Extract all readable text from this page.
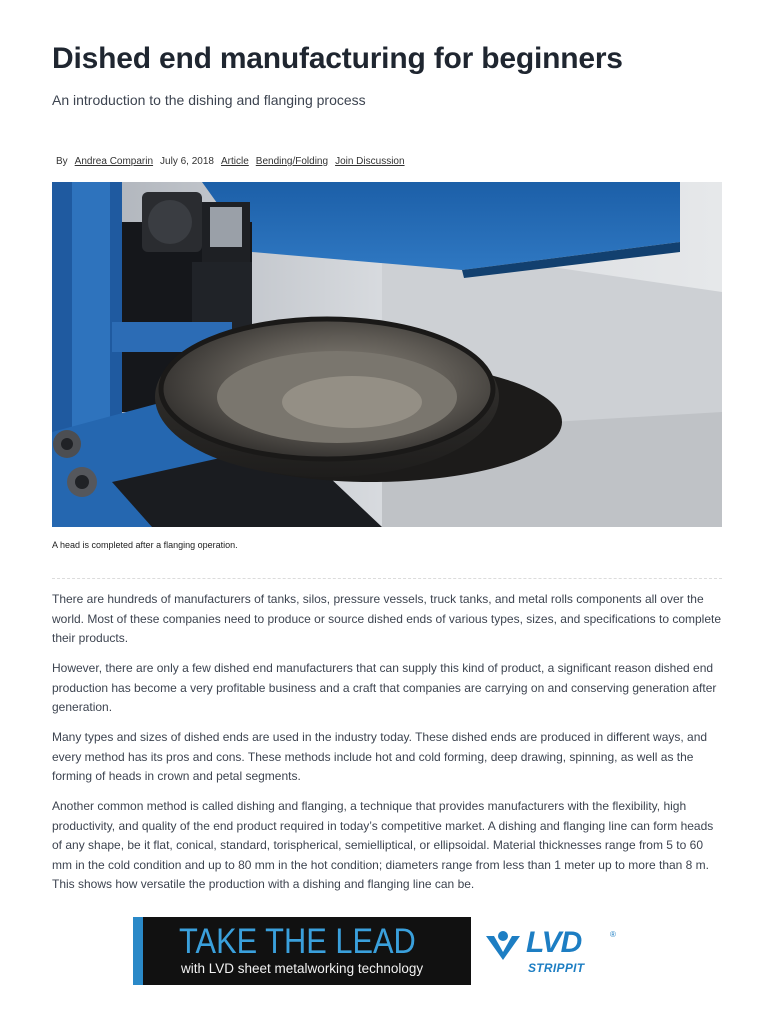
Dished end manufacturing for beginners

An introduction to the dishing and flanging process

By Andrea Comparin July 6, 2018 Article Bending/Folding Join Discussion
A head is completed after a flanging operation.

There are hundreds of manufacturers of tanks, silos, pressure vessels, truck tanks, and metal rolls components all over the world. Most of these companies need to produce or source dished ends of various types, sizes, and specifications to complete their products.

However, there are only a few dished end manufacturers that can supply this kind of product, a significant reason dished end production has become a very profitable business and a craft that companies are carrying on and conserving generation after generation.

Many types and sizes of dished ends are used in the industry today. These dished ends are produced in different ways, and every method has its pros and cons. These methods include hot and cold forming, deep drawing, spinning, as well as the forming of heads in crown and petal segments.

Another common method is called dishing and flanging, a technique that provides manufacturers with the flexibility, high productivity, and quality of the end product required in today’s competitive market. A dishing and flanging line can form heads of any shape, be it flat, conical, standard, torispherical, semielliptical, or ellipsoidal. Material thicknesses range from 5 to 60 mm in the cold condition and up to 80 mm in the hot condition; diameters range from less than 1 meter up to more than 8 m. This shows how versatile the production with a dishing and flanging line can be.

TAKE THE LEAD
with LVD sheet metalworking technology
LVD	®
STRIPPIT
